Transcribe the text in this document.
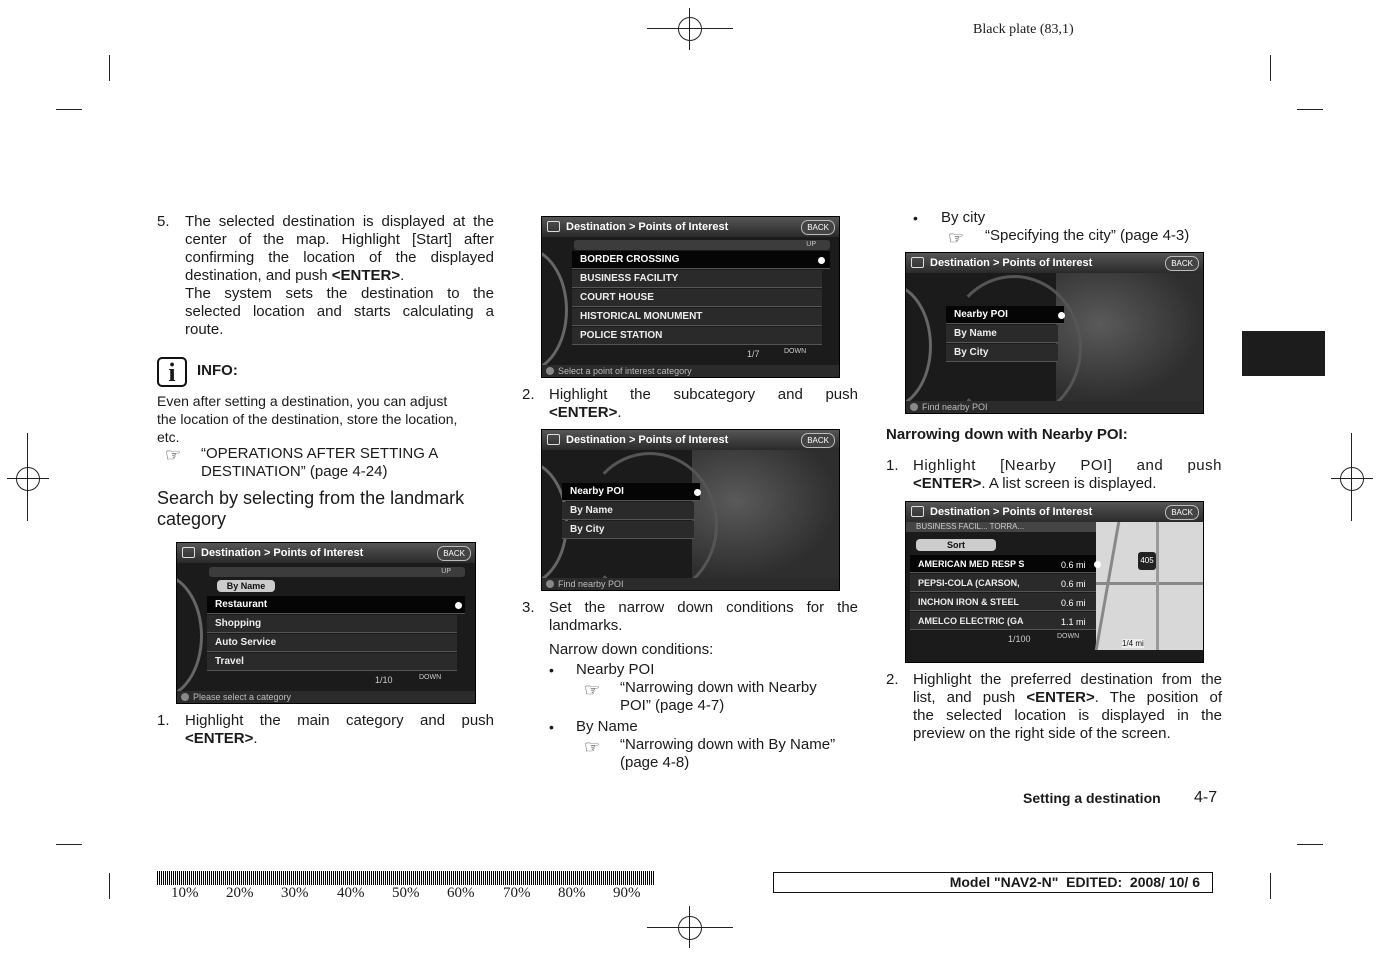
Black plate (83,1)
5. The selected destination is displayed at the
center of the map. Highlight [Start] after
confirming the location of the displayed
destination, and push <ENTER>.
The system sets the destination to the
selected location and starts calculating a
route.
i	INFO:
Even after setting a destination, you can adjust
the location of the destination, store the location,
etc.
☞ “OPERATIONS AFTER SETTING A
DESTINATION” (page 4-24)
Search by selecting from the landmark
category
Destination > Points of Interest	BACK
UP
By Name
Restaurant
Shopping
Auto Service
Travel
1/10	DOWN
Please select a category
1. Highlight the main category and push
<ENTER>.
Destination > Points of Interest	BACK
UP
BORDER CROSSING
BUSINESS FACILITY
COURT HOUSE
HISTORICAL MONUMENT
POLICE STATION
1/7	DOWN
Select a point of interest category
2. Highlight the subcategory and push
<ENTER>.
Destination > Points of Interest	BACK
Nearby POI
By Name
By City
Find nearby POI
3. Set the narrow down conditions for the
landmarks.
Narrow down conditions:
• Nearby POI
☞ “Narrowing down with Nearby
POI” (page 4-7)
• By Name
☞ “Narrowing down with By Name”
(page 4-8)
• By city
☞ “Specifying the city” (page 4-3)
Destination > Points of Interest	BACK
Nearby POI
By Name
By City
Find nearby POI
Narrowing down with Nearby POI:
1. Highlight [Nearby POI] and push
<ENTER>. A list screen is displayed.
Destination > Points of Interest	BACK
405
1/4 mi
BUSINESS FACIL... TORRA...
Sort
AMERICAN MED RESP S	0.6 mi
PEPSI-COLA (CARSON,	0.6 mi
INCHON IRON & STEEL	0.6 mi
AMELCO ELECTRIC (GA	1.1 mi
1/100	DOWN
2. Highlight the preferred destination from the
list, and push <ENTER>. The position of
the selected location is displayed in the
preview on the right side of the screen.
Setting a destination 4-7
10% 20% 30% 40% 50% 60% 70% 80% 90%
Model "NAV2-N"  EDITED:  2008/ 10/ 6
